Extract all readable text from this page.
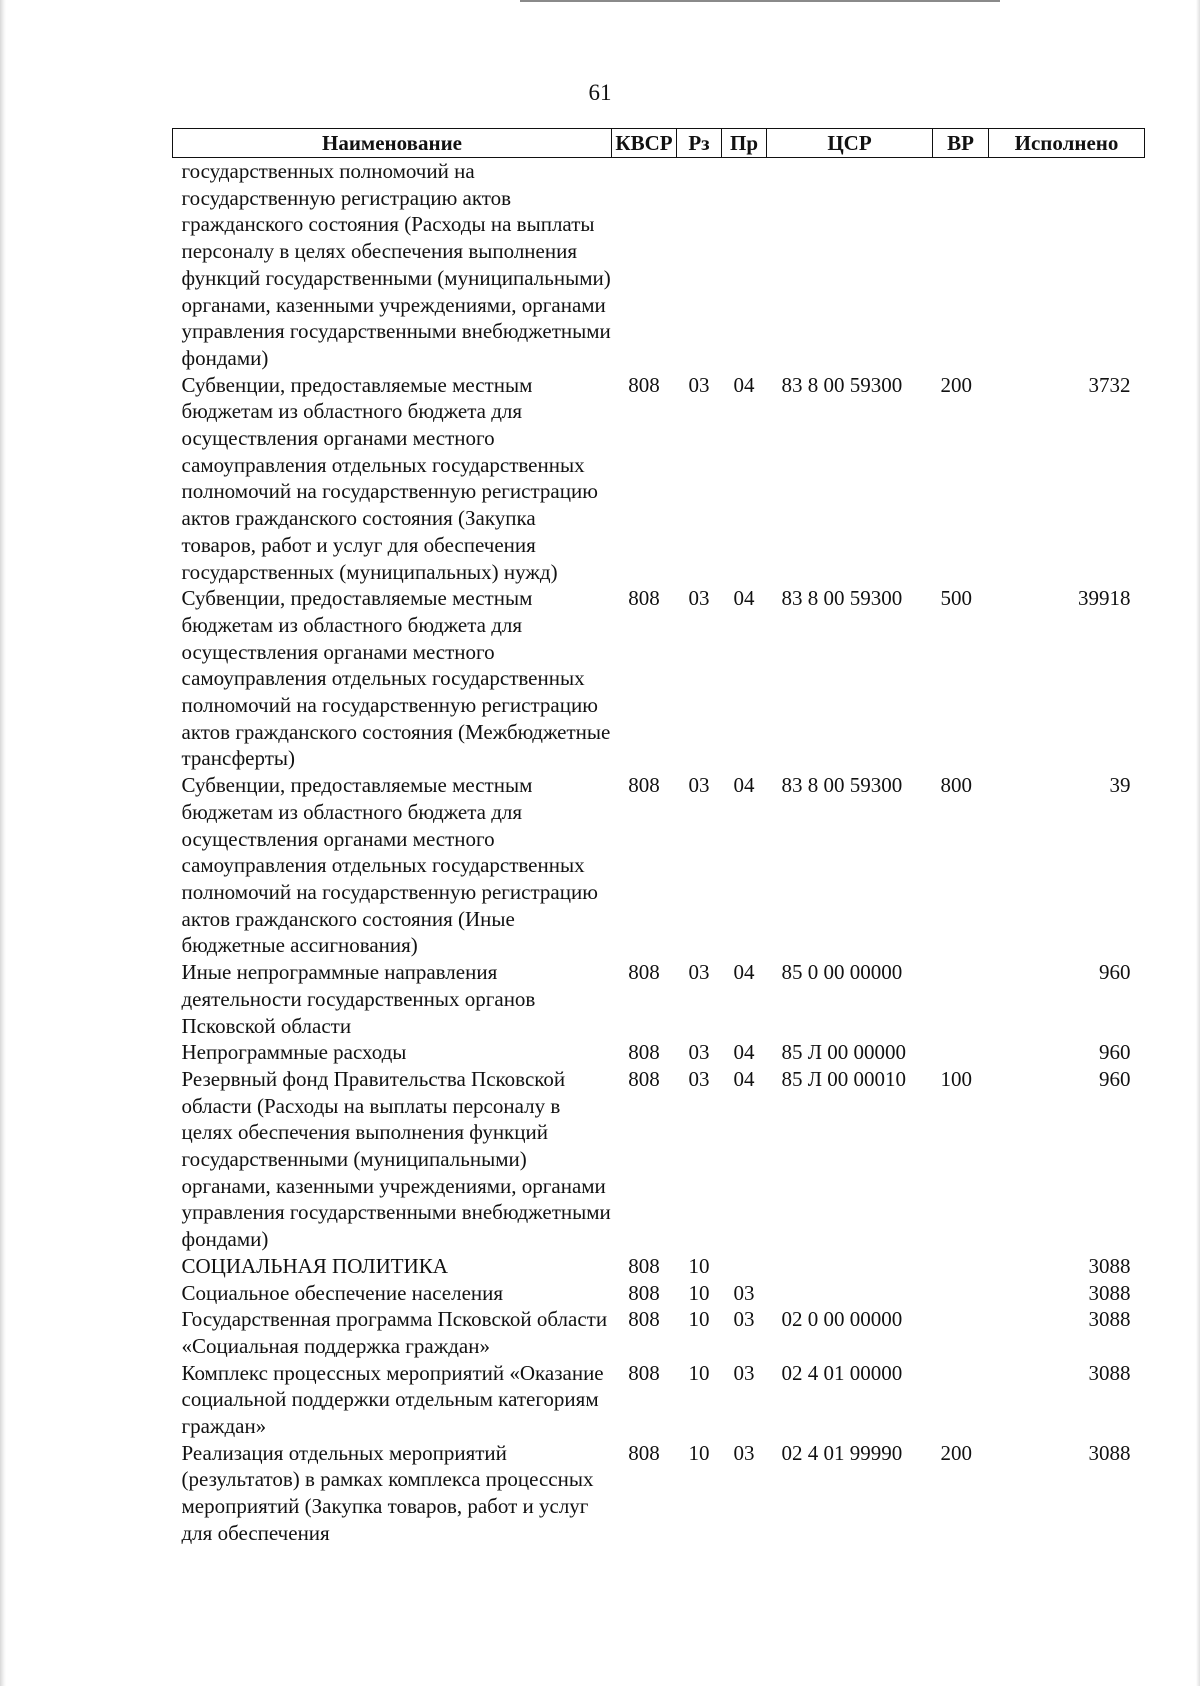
61
Наименование	КВСР	Рз	Пр	ЦСР	ВР	Исполнено
государственных полномочий на государственную регистрацию актов гражданского состояния (Расходы на выплаты персоналу в целях обеспечения выполнения функций государственными (муниципальными) органами, казенными учреждениями, органами управления государственными внебюджетными фондами)						
Субвенции, предоставляемые местным бюджетам из областного бюджета для осуществления органами местного самоуправления отдельных государственных полномочий на государственную регистрацию актов гражданского состояния (Закупка товаров, работ и услуг для обеспечения государственных (муниципальных) нужд)	808	03	04	83 8 00 59300	200	3732
Субвенции, предоставляемые местным бюджетам из областного бюджета для осуществления органами местного самоуправления отдельных государственных полномочий на государственную регистрацию актов гражданского состояния (Межбюджетные трансферты)	808	03	04	83 8 00 59300	500	39918
Субвенции, предоставляемые местным бюджетам из областного бюджета для осуществления органами местного самоуправления отдельных государственных полномочий на государственную регистрацию актов гражданского состояния (Иные бюджетные ассигнования)	808	03	04	83 8 00 59300	800	39
Иные непрограммные направления деятельности государственных органов Псковской области	808	03	04	85 0 00 00000		960
Непрограммные расходы	808	03	04	85 Л 00 00000		960
Резервный фонд Правительства Псковской области (Расходы на выплаты персоналу в целях обеспечения выполнения функций государственными (муниципальными) органами, казенными учреждениями, органами управления государственными внебюджетными фондами)	808	03	04	85 Л 00 00010	100	960
СОЦИАЛЬНАЯ ПОЛИТИКА	808	10				3088
Социальное обеспечение населения	808	10	03			3088
Государственная программа Псковской области «Социальная поддержка граждан»	808	10	03	02 0 00 00000		3088
Комплекс процессных мероприятий «Оказание социальной поддержки отдельным категориям граждан»	808	10	03	02 4 01 00000		3088
Реализация отдельных мероприятий (результатов) в рамках комплекса процессных мероприятий (Закупка товаров, работ и услуг для обеспечения	808	10	03	02 4 01 99990	200	3088
